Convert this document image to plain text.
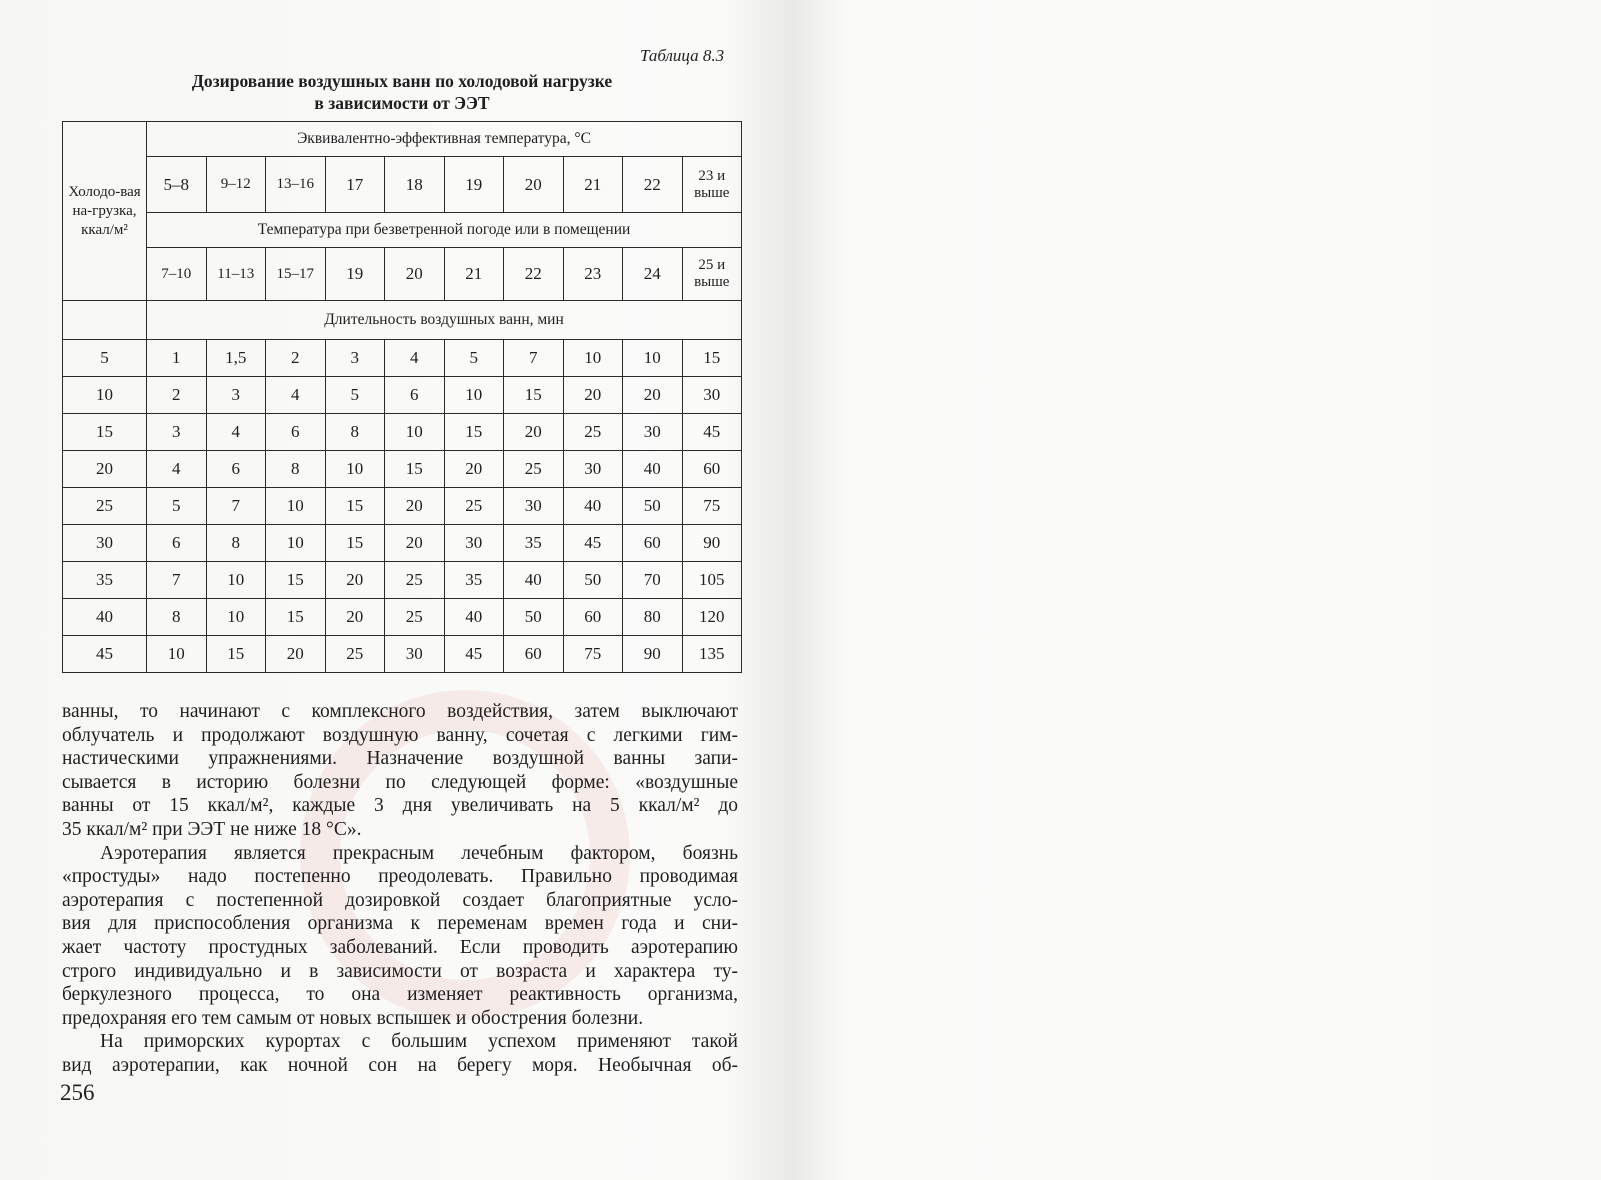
Таблица 8.3
Дозирование воздушных ванн по холодовой нагрузке
в зависимости от ЭЭТ
Холодо-вая на-грузка, ккал/м²	Эквивалентно-эффективная температура, °С									
	5–8	9–12	13–16	17	18	19	20	21	22	23 и выше
	Температура при безветренной погоде или в помещении									
	7–10	11–13	15–17	19	20	21	22	23	24	25 и выше
	Длительность воздушных ванн, мин									
5	1	1,5	2	3	4	5	7	10	10	15
10	2	3	4	5	6	10	15	20	20	30
15	3	4	6	8	10	15	20	25	30	45
20	4	6	8	10	15	20	25	30	40	60
25	5	7	10	15	20	25	30	40	50	75
30	6	8	10	15	20	30	35	45	60	90
35	7	10	15	20	25	35	40	50	70	105
40	8	10	15	20	25	40	50	60	80	120
45	10	15	20	25	30	45	60	75	90	135

ванны, то начинают с комплексного воздействия, затем выключают
облучатель и продолжают воздушную ванну, сочетая с легкими гим-
настическими упражнениями. Назначение воздушной ванны запи-
сывается в историю болезни по следующей форме: «воздушные
ванны от 15 ккал/м², каждые 3 дня увеличивать на 5 ккал/м² до
35 ккал/м² при ЭЭТ не ниже 18 °С».

Аэротерапия является прекрасным лечебным фактором, боязнь
«простуды» надо постепенно преодолевать. Правильно проводимая
аэротерапия с постепенной дозировкой создает благоприятные усло-
вия для приспособления организма к переменам времен года и сни-
жает частоту простудных заболеваний. Если проводить аэротерапию
строго индивидуально и в зависимости от возраста и характера ту-
беркулезного процесса, то она изменяет реактивность организма,
предохраняя его тем самым от новых вспышек и обострения болезни.

На приморских курортах с большим успехом применяют такой
вид аэротерапии, как ночной сон на берегу моря. Необычная об-

256
